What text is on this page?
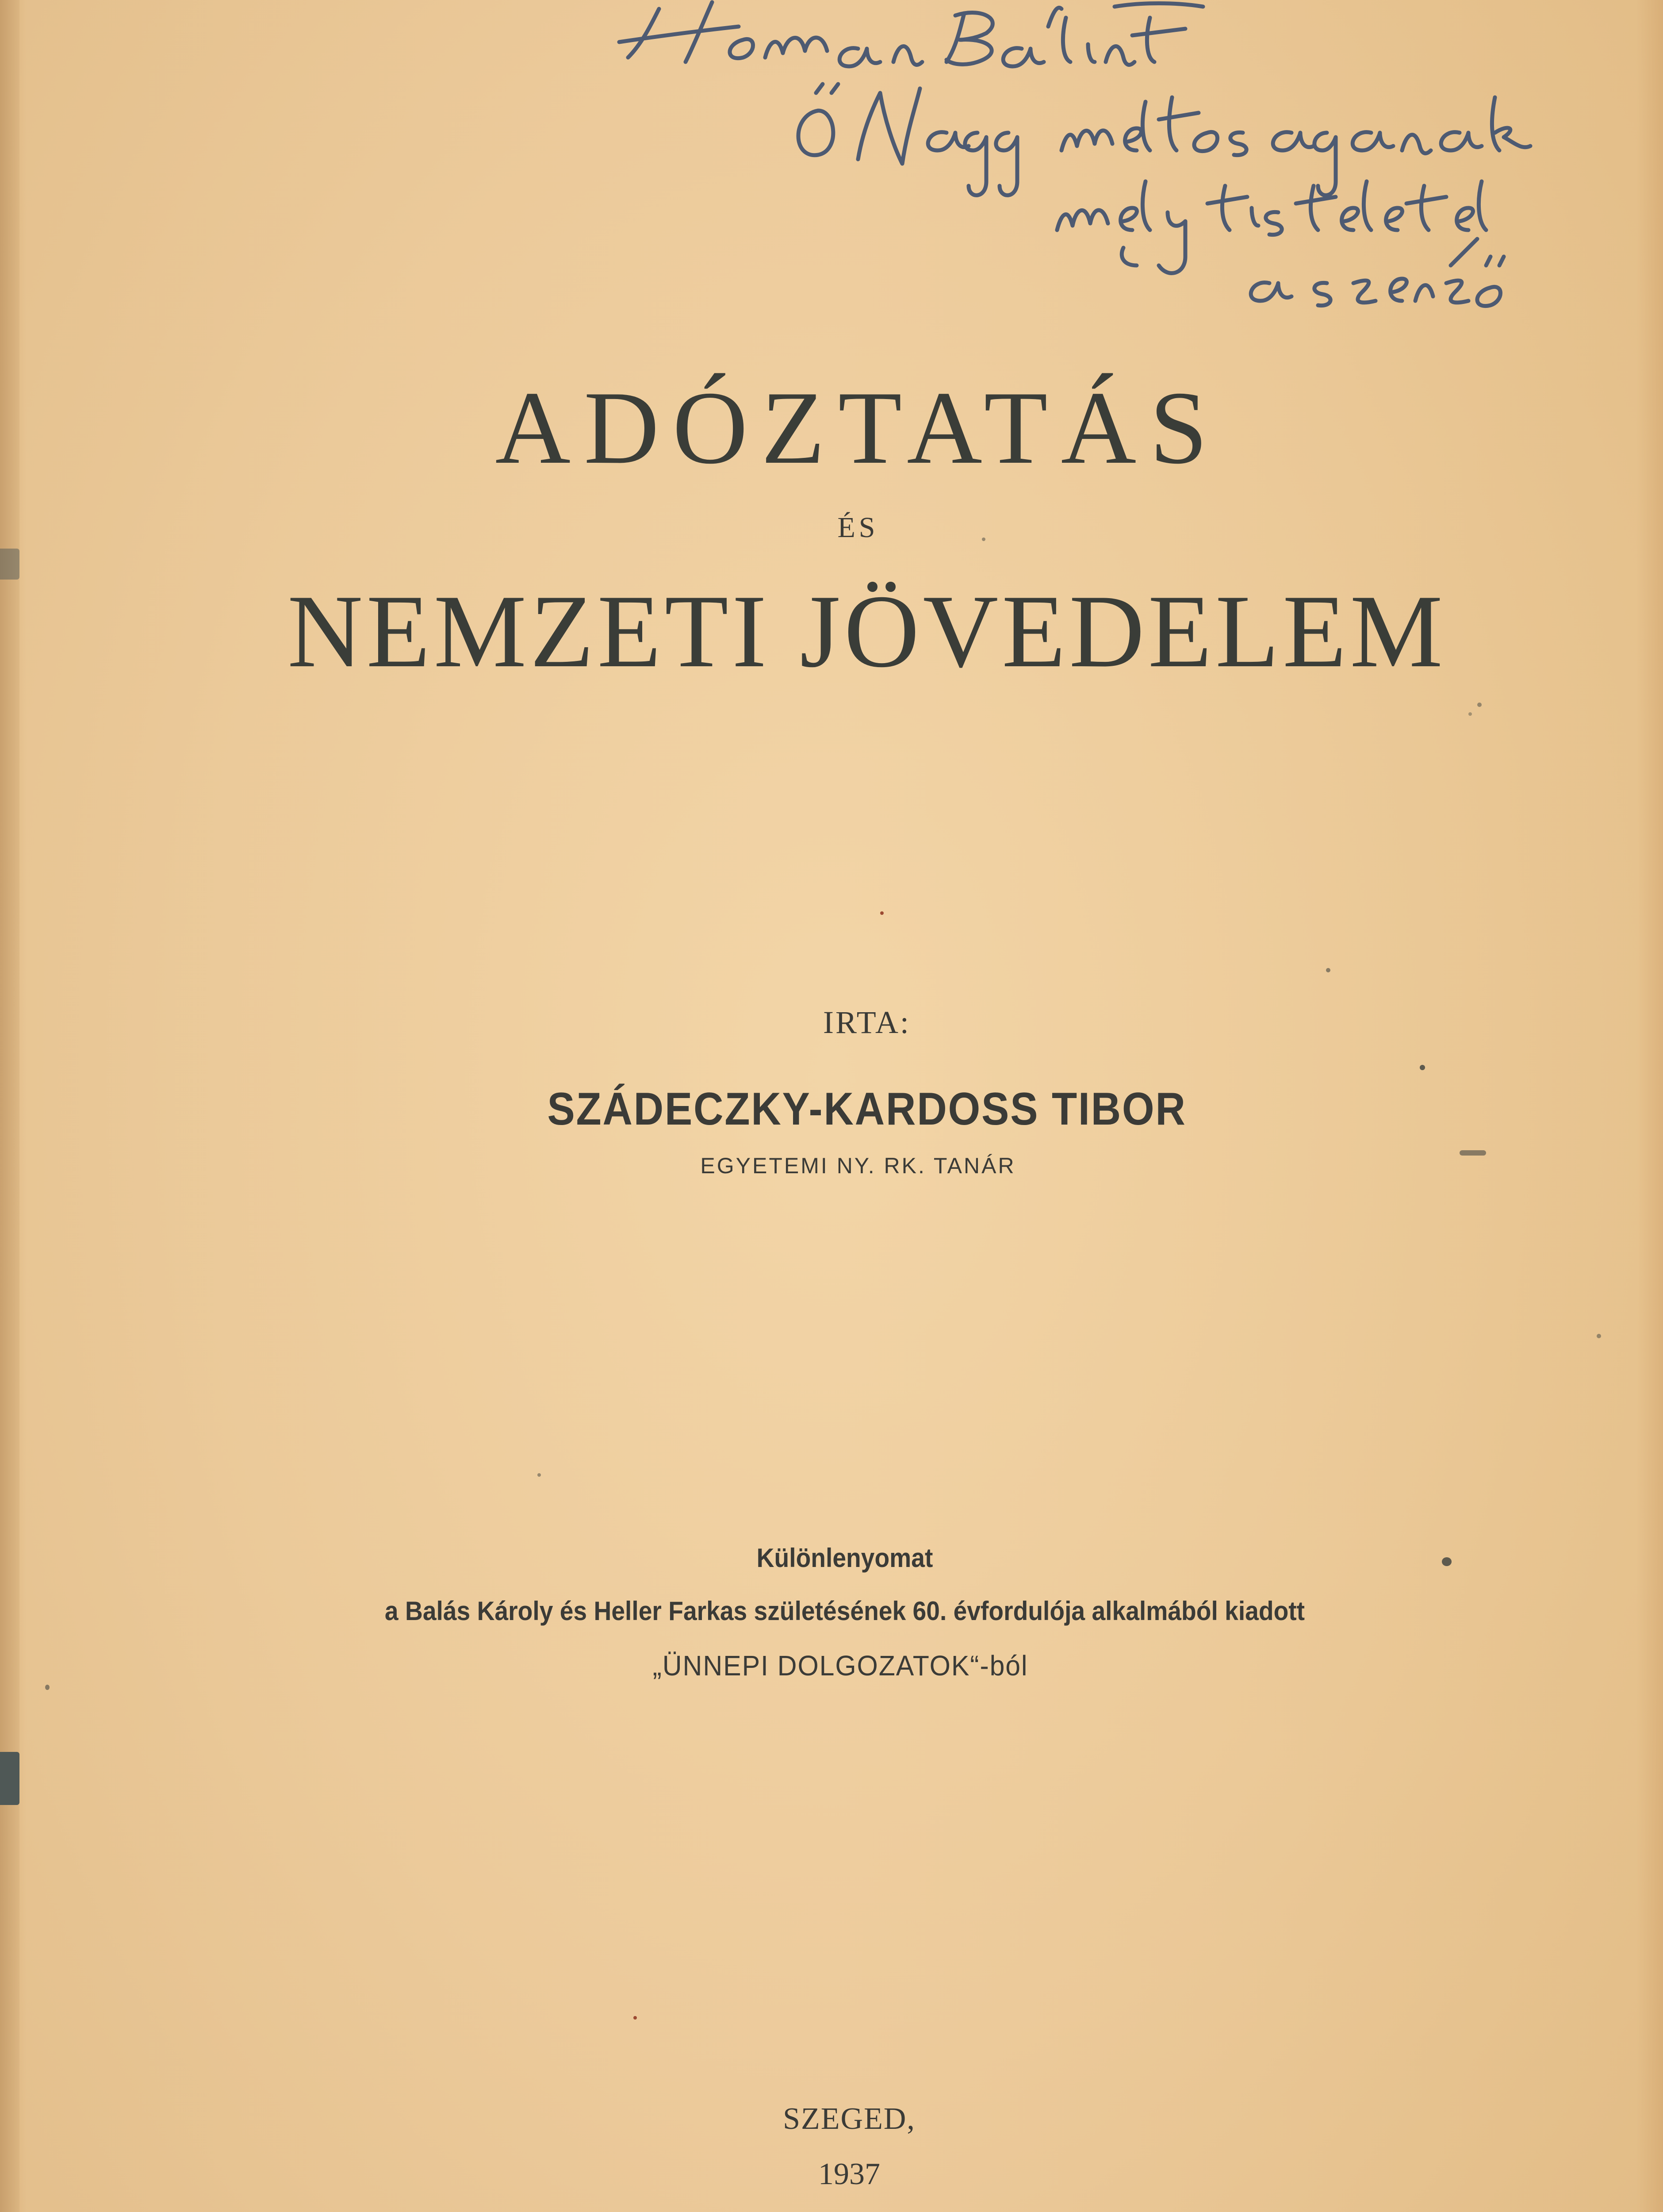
ADÓZTATÁS
ÉS
NEMZETI JÖVEDELEM
IRTA:
SZÁDECZKY-KARDOSS TIBOR
EGYETEMI NY. RK. TANÁR
Különlenyomat
a Balás Károly és Heller Farkas születésének 60. évfordulója alkalmából kiadott
„ÜNNEPI DOLGOZATOK“-ból
SZEGED,
1937
